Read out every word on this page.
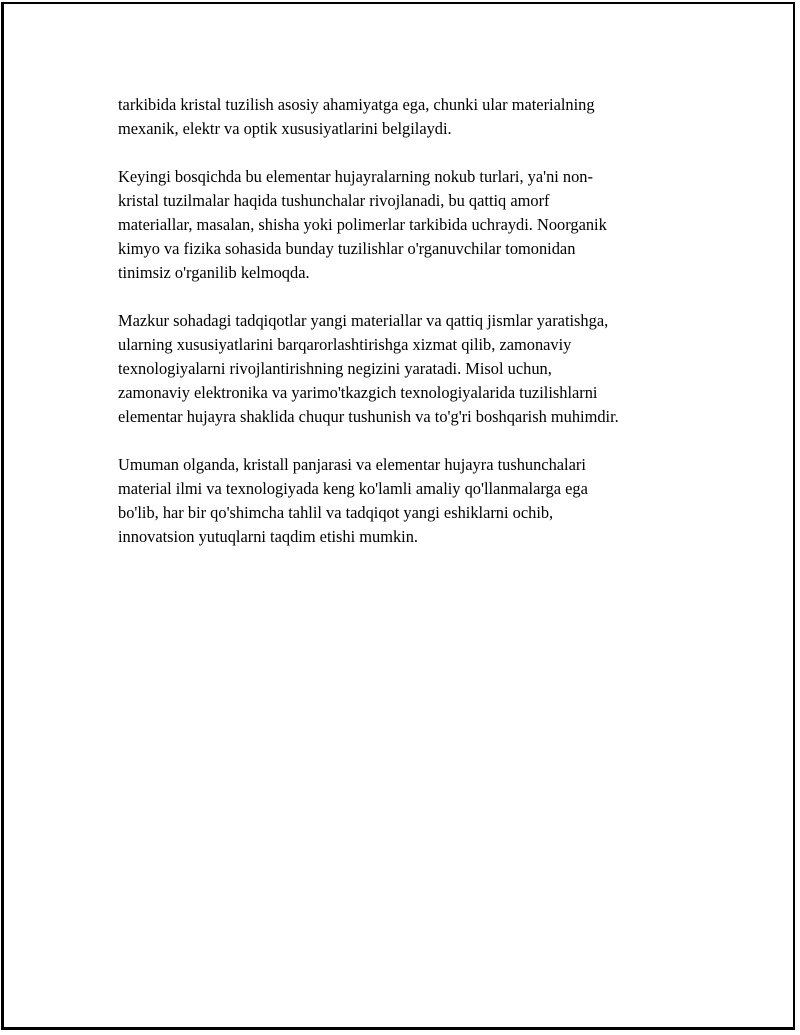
tarkibida kristal tuzilish asosiy ahamiyatga ega, chunki ular materialning
mexanik, elektr va optik xususiyatlarini belgilaydi.

Keyingi bosqichda bu elementar hujayralarning nokub turlari, ya'ni non-
kristal tuzilmalar haqida tushunchalar rivojlanadi, bu qattiq amorf
materiallar, masalan, shisha yoki polimerlar tarkibida uchraydi. Noorganik
kimyo va fizika sohasida bunday tuzilishlar o'rganuvchilar tomonidan
tinimsiz o'rganilib kelmoqda.

Mazkur sohadagi tadqiqotlar yangi materiallar va qattiq jismlar yaratishga,
ularning xususiyatlarini barqarorlashtirishga xizmat qilib, zamonaviy
texnologiyalarni rivojlantirishning negizini yaratadi. Misol uchun,
zamonaviy elektronika va yarimo'tkazgich texnologiyalarida tuzilishlarni
elementar hujayra shaklida chuqur tushunish va to'g'ri boshqarish muhimdir.

Umuman olganda, kristall panjarasi va elementar hujayra tushunchalari
material ilmi va texnologiyada keng ko'lamli amaliy qo'llanmalarga ega
bo'lib, har bir qo'shimcha tahlil va tadqiqot yangi eshiklarni ochib,
innovatsion yutuqlarni taqdim etishi mumkin.
